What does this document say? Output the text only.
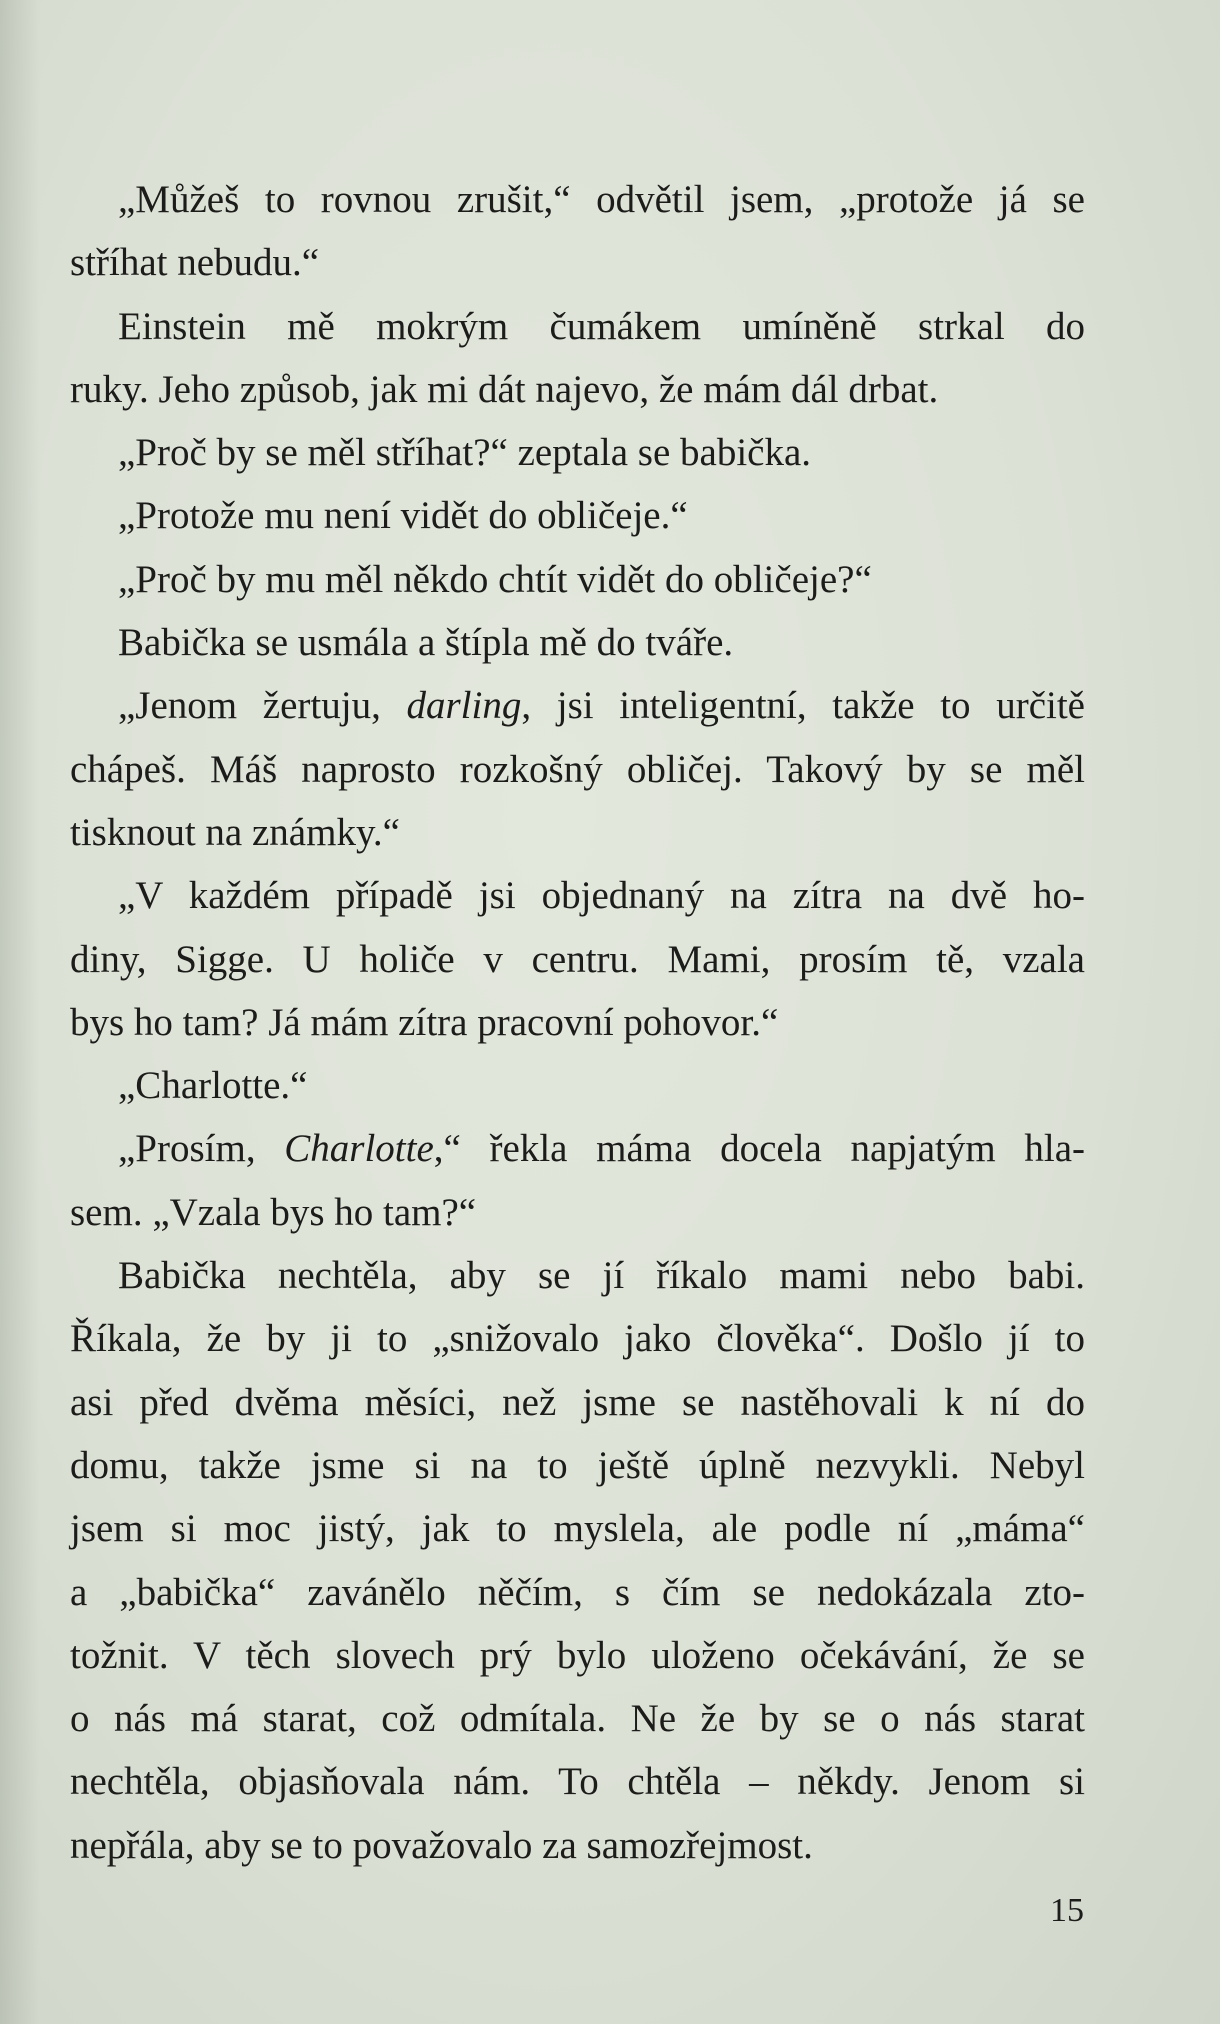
„Můžeš to rovnou zrušit,“ odvětil jsem, „protože já se
stříhat nebudu.“
Einstein mě mokrým čumákem umíněně strkal do
ruky. Jeho způsob, jak mi dát najevo, že mám dál drbat.
„Proč by se měl stříhat?“ zeptala se babička.
„Protože mu není vidět do obličeje.“
„Proč by mu měl někdo chtít vidět do obličeje?“
Babička se usmála a štípla mě do tváře.
„Jenom žertuju, darling, jsi inteligentní, takže to určitě
chápeš. Máš naprosto rozkošný obličej. Takový by se měl
tisknout na známky.“
„V každém případě jsi objednaný na zítra na dvě ho-
diny, Sigge. U holiče v centru. Mami, prosím tě, vzala
bys ho tam? Já mám zítra pracovní pohovor.“
„Charlotte.“
„Prosím, Charlotte,“ řekla máma docela napjatým hla-
sem. „Vzala bys ho tam?“
Babička nechtěla, aby se jí říkalo mami nebo babi.
Říkala, že by ji to „snižovalo jako člověka“. Došlo jí to
asi před dvěma měsíci, než jsme se nastěhovali k ní do
domu, takže jsme si na to ještě úplně nezvykli. Nebyl
jsem si moc jistý, jak to myslela, ale podle ní „máma“
a „babička“ zavánělo něčím, s čím se nedokázala zto-
tožnit. V těch slovech prý bylo uloženo očekávání, že se
o nás má starat, což odmítala. Ne že by se o nás starat
nechtěla, objasňovala nám. To chtěla – někdy. Jenom si
nepřála, aby se to považovalo za samozřejmost.
15
